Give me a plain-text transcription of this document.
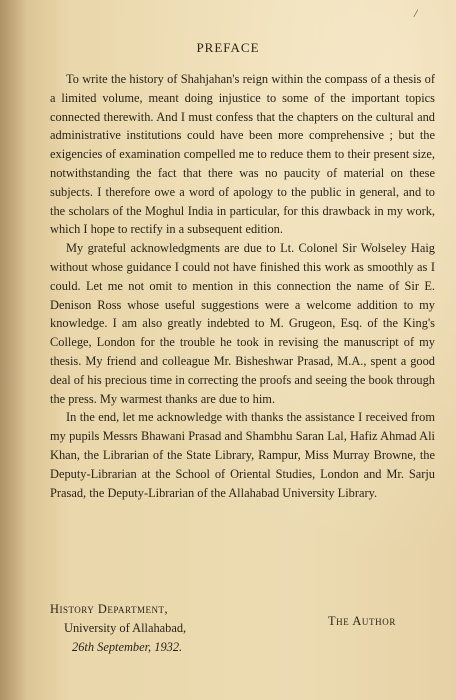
/
PREFACE

To write the history of Shahjahan's reign within the compass of a thesis of a limited volume, meant doing injustice to some of the important topics connected therewith. And I must confess that the chapters on the cultural and administrative institutions could have been more comprehensive ; but the exigencies of examination compelled me to reduce them to their present size, notwithstanding the fact that there was no paucity of material on these subjects. I therefore owe a word of apology to the public in general, and to the scholars of the Moghul India in particular, for this drawback in my work, which I hope to rectify in a subsequent edition.

My grateful acknowledgments are due to Lt. Colonel Sir Wolseley Haig without whose guidance I could not have finished this work as smoothly as I could. Let me not omit to mention in this connection the name of Sir E. Denison Ross whose useful suggestions were a welcome addition to my knowledge. I am also greatly indebted to M. Grugeon, Esq. of the King's College, London for the trouble he took in revising the manuscript of my thesis. My friend and colleague Mr. Bisheshwar Prasad, M.A., spent a good deal of his precious time in correcting the proofs and seeing the book through the press. My warmest thanks are due to him.

In the end, let me acknowledge with thanks the assistance I received from my pupils Messrs Bhawani Prasad and Shambhu Saran Lal, Hafiz Ahmad Ali Khan, the Librarian of the State Library, Rampur, Miss Murray Browne, the Deputy-Librarian at the School of Oriental Studies, London and Mr. Sarju Prasad, the Deputy-Librarian of the Allahabad University Library.

History Department,
University of Allahabad,
26th September, 1932.
The Author
